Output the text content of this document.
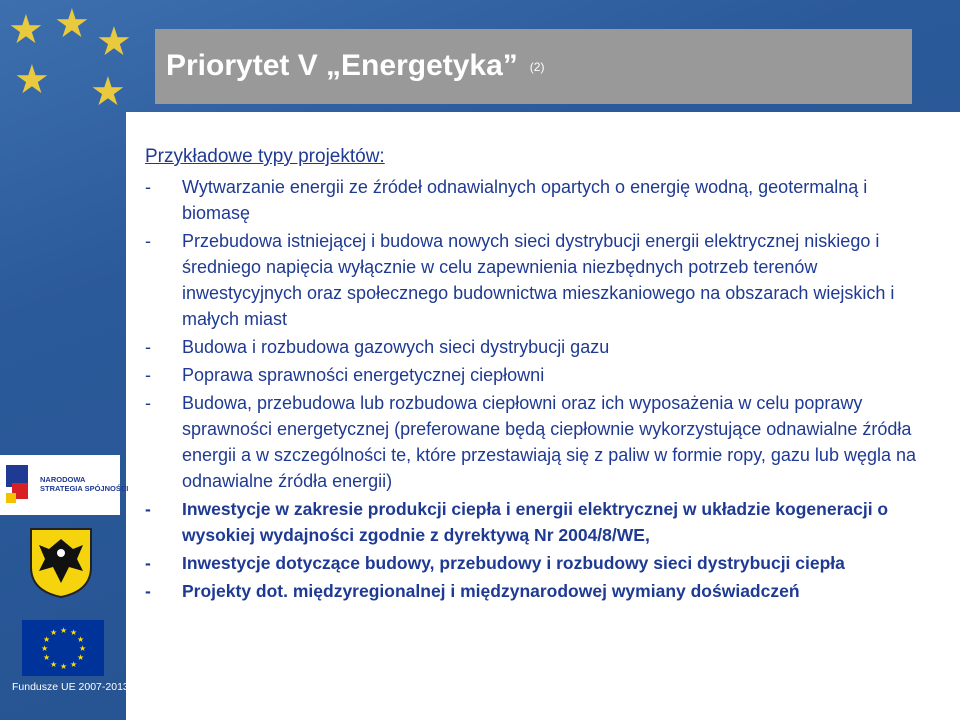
★ ★ ★
★ ★
Priorytet V „Energetyka” (2)
Przykładowe typy projektów:
- Wytwarzanie energii ze źródeł odnawialnych opartych o energię wodną, geotermalną i biomasę
- Przebudowa istniejącej i budowa nowych sieci dystrybucji energii elektrycznej niskiego i średniego napięcia wyłącznie w celu zapewnienia niezbędnych potrzeb terenów inwestycyjnych oraz społecznego budownictwa mieszkaniowego na obszarach wiejskich i małych miast
- Budowa i rozbudowa gazowych sieci dystrybucji gazu
- Poprawa sprawności energetycznej ciepłowni
- Budowa, przebudowa lub rozbudowa ciepłowni oraz ich wyposażenia w celu poprawy sprawności energetycznej (preferowane będą ciepłownie wykorzystujące odnawialne źródła energii a w szczególności te, które przestawiają się z paliw w formie ropy, gazu lub węgla na odnawialne źródła energii)
- Inwestycje w zakresie produkcji ciepła i energii elektrycznej w układzie kogeneracji o wysokiej wydajności zgodnie z dyrektywą Nr 2004/8/WE,
- Inwestycje dotyczące budowy, przebudowy i rozbudowy sieci dystrybucji ciepła
- Projekty dot. międzyregionalnej i międzynarodowej wymiany doświadczeń
NARODOWA
STRATEGIA SPÓJNOŚCI
★ ★
★
★
★
★
★
★
★
★
★
★
Fundusze UE 2007-2013
